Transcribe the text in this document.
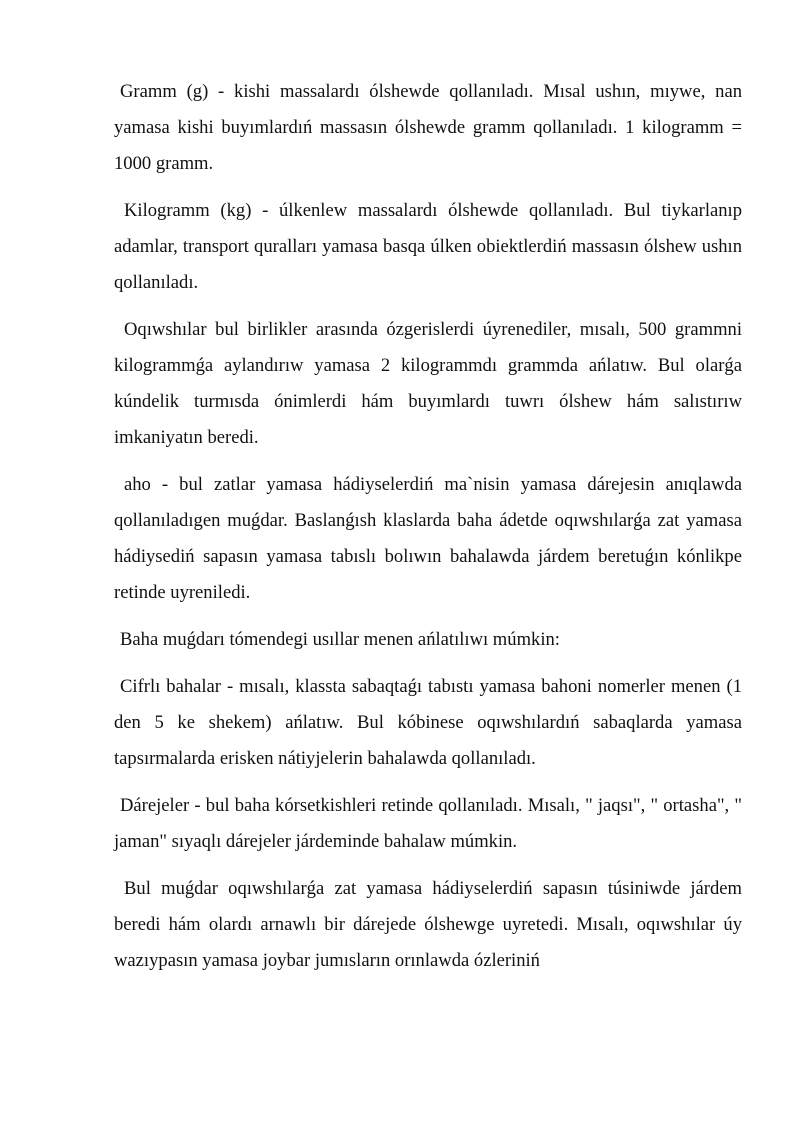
Gramm (g) - kishi massalardı ólshewde qollanıladı. Mısal ushın, mıywe, nan yamasa kishi buyımlardıń massasın ólshewde gramm qollanıladı. 1 kilogramm = 1000 gramm.

Kilogramm (kg) - úlkenlew massalardı ólshewde qollanıladı. Bul tiykarlanıp adamlar, transport quralları yamasa basqa úlken obiektlerdiń massasın ólshew ushın qollanıladı.

Oqıwshılar bul birlikler arasında ózgerislerdi úyrenediler, mısalı, 500 grammni kilogrammǵa aylandırıw yamasa 2 kilogrammdı grammda ańlatıw. Bul olarǵa kúndelik turmısda ónimlerdi hám buyımlardı tuwrı ólshew hám salıstırıw imkaniyatın beredi.

aho - bul zatlar yamasa hádiyselerdiń ma`nisin yamasa dárejesin anıqlawda qollanıladıgen muǵdar. Baslanǵısh klaslarda baha ádetde oqıwshılarǵa zat yamasa hádiysediń sapasın yamasa tabıslı bolıwın bahalawda járdem beretuǵın kónlikpe retinde uyreniledi.

Baha muǵdarı tómendegi usıllar menen ańlatılıwı múmkin:

Cifrlı bahalar - mısalı, klassta sabaqtaǵı tabıstı yamasa bahoni nomerler menen (1 den 5 ke shekem) ańlatıw. Bul kóbinese oqıwshılardıń sabaqlarda yamasa tapsırmalarda erisken nátiyjelerin bahalawda qollanıladı.

Dárejeler - bul baha kórsetkishleri retinde qollanıladı. Mısalı, " jaqsı", " ortasha", " jaman" sıyaqlı dárejeler járdeminde bahalaw múmkin.

Bul muǵdar oqıwshılarǵa zat yamasa hádiyselerdiń sapasın túsiniwde járdem beredi hám olardı arnawlı bir dárejede ólshewge uyretedi. Mısalı, oqıwshılar úy wazıypasın yamasa joybar jumısların orınlawda ózleriniń
